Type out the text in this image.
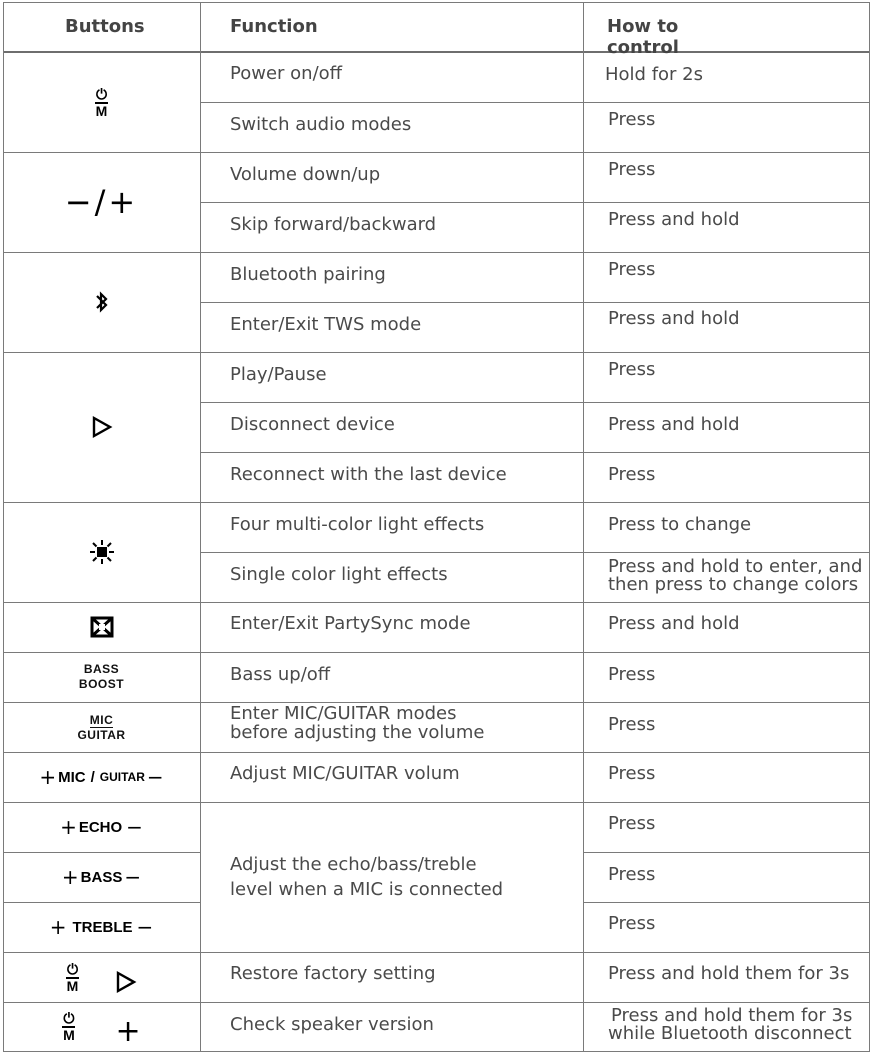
Buttons	Function	How to control
⏻
M
−/+
BASS
BOOST
MIC
GUITAR
+ MIC / GUITAR −
+ ECHO −
+ BASS −
+ TREBLE −
⏻
M
⏻
M +
Power on/off
Switch audio modes
Volume down/up
Skip forward/backward
Bluetooth pairing
Enter/Exit TWS mode
Play/Pause
Disconnect device
Reconnect with the last device
Four multi-color light effects
Single color light effects
Enter/Exit PartySync mode
Bass up/off
Enter MIC/GUITAR modes
before adjusting the volume
Adjust MIC/GUITAR volum
Adjust the echo/bass/treble
level when a MIC is connected
Restore factory setting
Check speaker version
Hold for 2s
Press
Press
Press and hold
Press
Press and hold
Press
Press and hold
Press
Press to change
Press and hold to enter, and
then press to change colors
Press and hold
Press
Press
Press
Press
Press
Press
Press and hold them for 3s
Press and hold them for 3s
while Bluetooth disconnect
